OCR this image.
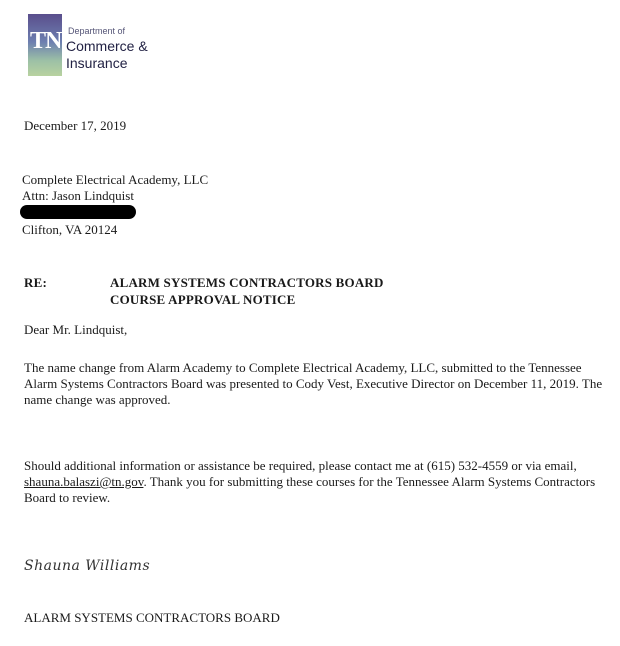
TN Department of
Commerce &
Insurance
December 17, 2019
Complete Electrical Academy, LLC
Attn: Jason Lindquist
Clifton, VA 20124
RE:	ALARM SYSTEMS CONTRACTORS BOARD
COURSE APPROVAL NOTICE
Dear Mr. Lindquist,
The name change from Alarm Academy to Complete Electrical Academy, LLC, submitted to the Tennessee Alarm Systems Contractors Board was presented to Cody Vest, Executive Director on December 11, 2019. The name change was approved.
Should additional information or assistance be required, please contact me at (615) 532-4559 or via email, shauna.balaszi@tn.gov. Thank you for submitting these courses for the Tennessee Alarm Systems Contractors Board to review.
Shauna Williams
ALARM SYSTEMS CONTRACTORS BOARD
